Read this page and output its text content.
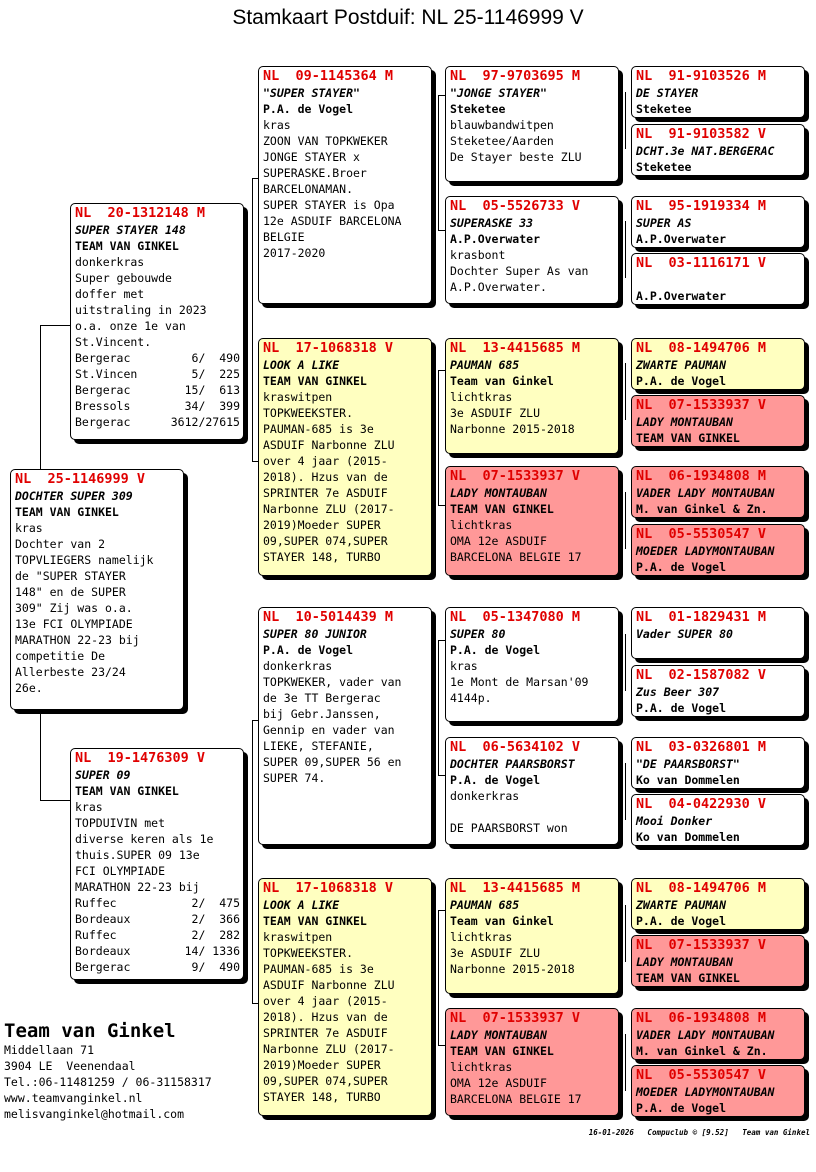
Stamkaart Postduif: NL 25-1146999 V
NL  25-1146999 V
DOCHTER SUPER 309
TEAM VAN GINKEL
kras
Dochter van 2
TOPVLIEGERS namelijk
de "SUPER STAYER
148" en de SUPER
309" Zij was o.a.
13e FCI OLYMPIADE
MARATHON 22-23 bij
competitie De
Allerbeste 23/24
26e.
NL  20-1312148 M
SUPER STAYER 148
TEAM VAN GINKEL
donkerkras
Super gebouwde
doffer met
uitstraling in 2023
o.a. onze 1e van
St.Vincent.
Bergerac	6/  490
St.Vincen	5/  225
Bergerac	15/  613
Bressols	34/  399
Bergerac	3612/27615
NL  19-1476309 V
SUPER 09
TEAM VAN GINKEL
kras
TOPDUIVIN met
diverse keren als 1e
thuis.SUPER 09 13e
FCI OLYMPIADE
MARATHON 22-23 bij
Ruffec	2/  475
Bordeaux	2/  366
Ruffec	2/  282
Bordeaux	14/ 1336
Bergerac	9/  490
NL  09-1145364 M
"SUPER STAYER"
P.A. de Vogel
kras
ZOON VAN TOPKWEKER
JONGE STAYER x
SUPERASKE.Broer
BARCELONAMAN.
SUPER STAYER is Opa
12e ASDUIF BARCELONA
BELGIE
2017-2020
NL  17-1068318 V
LOOK A LIKE
TEAM VAN GINKEL
kraswitpen
TOPKWEEKSTER.
PAUMAN-685 is 3e
ASDUIF Narbonne ZLU
over 4 jaar (2015-
2018). Hzus van de
SPRINTER 7e ASDUIF
Narbonne ZLU (2017-
2019)Moeder SUPER
09,SUPER 074,SUPER
STAYER 148, TURBO
NL  10-5014439 M
SUPER 80 JUNIOR
P.A. de Vogel
donkerkras
TOPKWEKER, vader van
de 3e TT Bergerac
bij Gebr.Janssen,
Gennip en vader van
LIEKE, STEFANIE,
SUPER 09,SUPER 56 en
SUPER 74.
NL  17-1068318 V
LOOK A LIKE
TEAM VAN GINKEL
kraswitpen
TOPKWEEKSTER.
PAUMAN-685 is 3e
ASDUIF Narbonne ZLU
over 4 jaar (2015-
2018). Hzus van de
SPRINTER 7e ASDUIF
Narbonne ZLU (2017-
2019)Moeder SUPER
09,SUPER 074,SUPER
STAYER 148, TURBO
NL  97-9703695 M
"JONGE STAYER"
Steketee
blauwbandwitpen
Steketee/Aarden
De Stayer beste ZLU
NL  05-5526733 V
SUPERASKE 33
A.P.Overwater
krasbont
Dochter Super As van
A.P.Overwater.
NL  13-4415685 M
PAUMAN 685
Team van Ginkel
lichtkras
3e ASDUIF ZLU
Narbonne 2015-2018
NL  07-1533937 V
LADY MONTAUBAN
TEAM VAN GINKEL
lichtkras
OMA 12e ASDUIF
BARCELONA BELGIE 17
NL  05-1347080 M
SUPER 80
P.A. de Vogel
kras
1e Mont de Marsan'09
4144p.
NL  06-5634102 V
DOCHTER PAARSBORST
P.A. de Vogel
donkerkras

DE PAARSBORST won
NL  13-4415685 M
PAUMAN 685
Team van Ginkel
lichtkras
3e ASDUIF ZLU
Narbonne 2015-2018
NL  07-1533937 V
LADY MONTAUBAN
TEAM VAN GINKEL
lichtkras
OMA 12e ASDUIF
BARCELONA BELGIE 17
NL  91-9103526 M
DE STAYER
Steketee
NL  91-9103582 V
DCHT.3e NAT.BERGERAC
Steketee
NL  95-1919334 M
SUPER AS
A.P.Overwater
NL  03-1116171 V
A.P.Overwater
NL  08-1494706 M
ZWARTE PAUMAN
P.A. de Vogel
NL  07-1533937 V
LADY MONTAUBAN
TEAM VAN GINKEL
NL  06-1934808 M
VADER LADY MONTAUBAN
M. van Ginkel & Zn.
NL  05-5530547 V
MOEDER LADYMONTAUBAN
P.A. de Vogel
NL  01-1829431 M
Vader SUPER 80
NL  02-1587082 V
Zus Beer 307
P.A. de Vogel
NL  03-0326801 M
"DE PAARSBORST"
Ko van Dommelen
NL  04-0422930 V
Mooi Donker
Ko van Dommelen
NL  08-1494706 M
ZWARTE PAUMAN
P.A. de Vogel
NL  07-1533937 V
LADY MONTAUBAN
TEAM VAN GINKEL
NL  06-1934808 M
VADER LADY MONTAUBAN
M. van Ginkel & Zn.
NL  05-5530547 V
MOEDER LADYMONTAUBAN
P.A. de Vogel
Team van Ginkel
Middellaan 71
3904 LE  Veenendaal
Tel.:06-11481259 / 06-31158317
www.teamvanginkel.nl
melisvanginkel@hotmail.com
16-01-2026   Compuclub © [9.52]   Team van Ginkel
